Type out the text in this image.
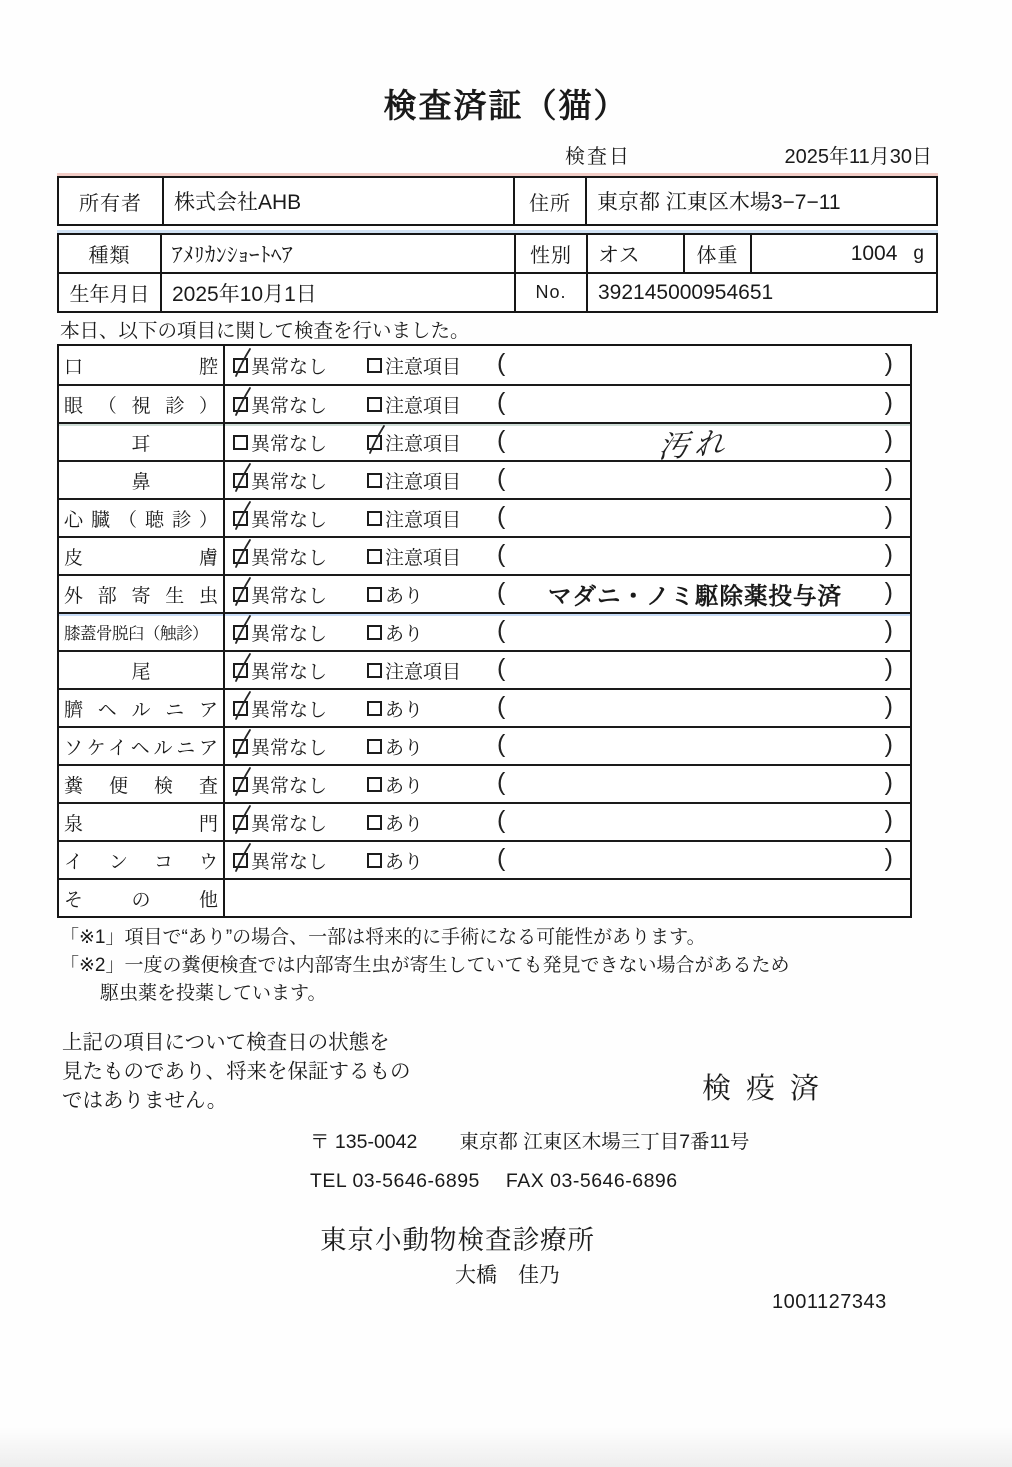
検査済証（猫）
検査日	2025年11月30日
所有者	株式会社AHB	住所	東京都 江東区木場3−7−11
種類	ｱﾒﾘｶﾝｼｮｰﾄﾍｱ	性別	オス	体重	1004 g
生年月日	2025年10月1日	No.	392145000954651
本日、以下の項目に関して検査を行いました。
口腔 異常なし	注意項目 (	)
眼（視診） 異常なし	注意項目 (	)
耳	異常なし	注意項目 (	汚れ	)
鼻	異常なし	注意項目 (	)
心臓（聴診） 異常なし	注意項目 (	)
皮膚 異常なし	注意項目 (	)
外部寄生虫 異常なし	あり	(	マダニ・ノミ駆除薬投与済	)
膝蓋骨脱臼（触診）	異常なし	あり	(	)
尾	異常なし	注意項目 (	)
臍ヘルニア 異常なし	あり	(	)
ソケイヘルニア 異常なし	あり	(	)
糞便検査 異常なし	あり	(	)
泉門 異常なし	あり	(	)
インコウ 異常なし	あり	(	)
その他
「※1」項目で“あり”の場合、一部は将来的に手術になる可能性があります。
「※2」一度の糞便検査では内部寄生虫が寄生していても発見できない場合があるため
駆虫薬を投薬しています。
上記の項目について検査日の状態を
見たものであり、将来を保証するもの
ではありません。	検疫済
〒 135-0042 東京都 江東区木場三丁目7番11号
TEL 03-5646-6895 FAX 03-5646-6896
東京小動物検査診療所
大橋　佳乃
1001127343
